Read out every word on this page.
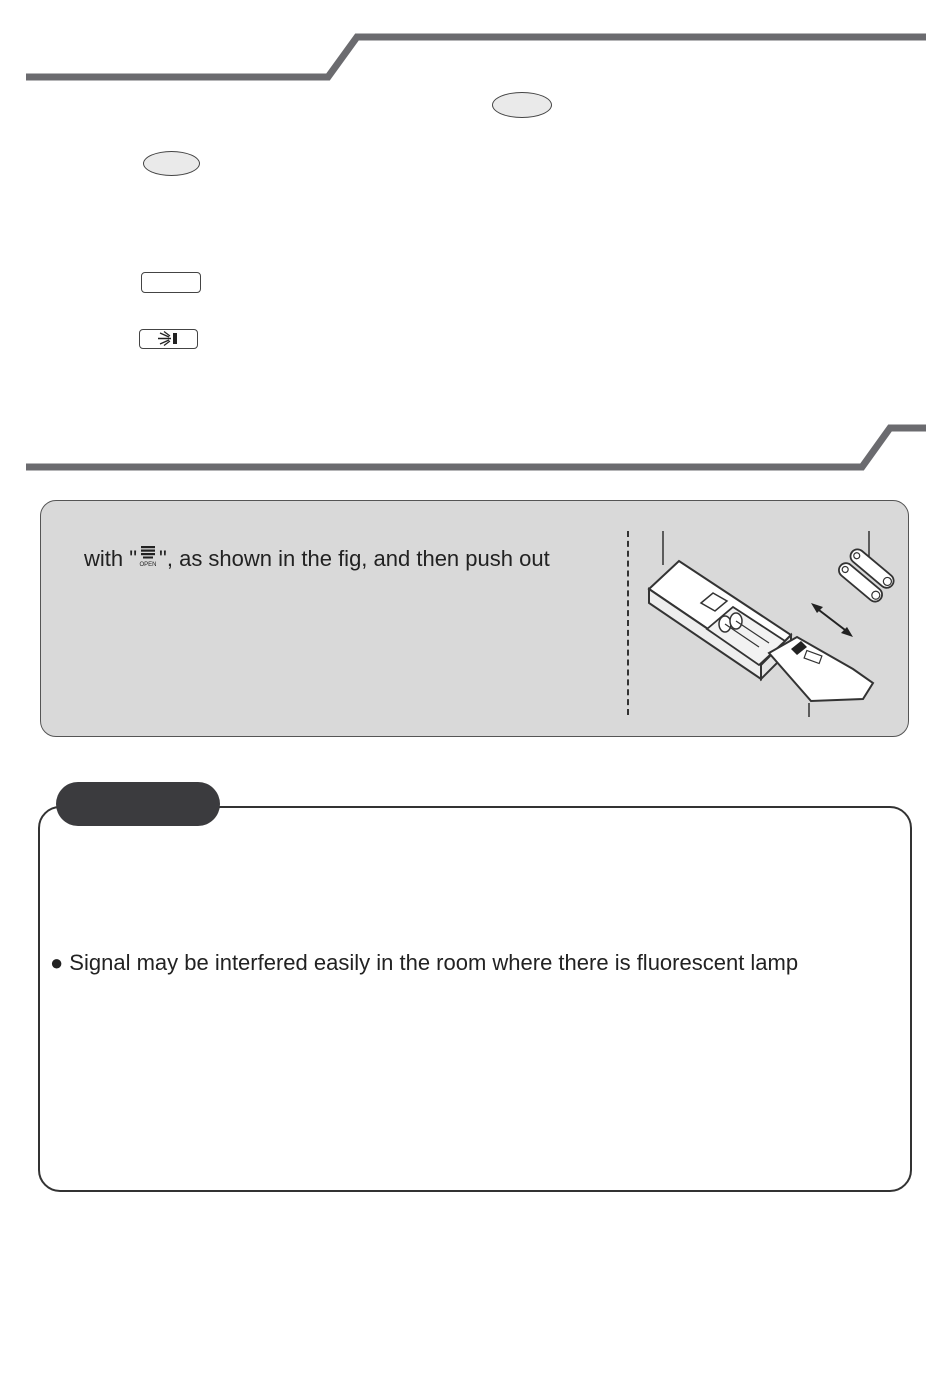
with " OPEN ", as shown in the fig, and then push out
● Signal may be interfered easily in the room where there is fluorescent lamp
